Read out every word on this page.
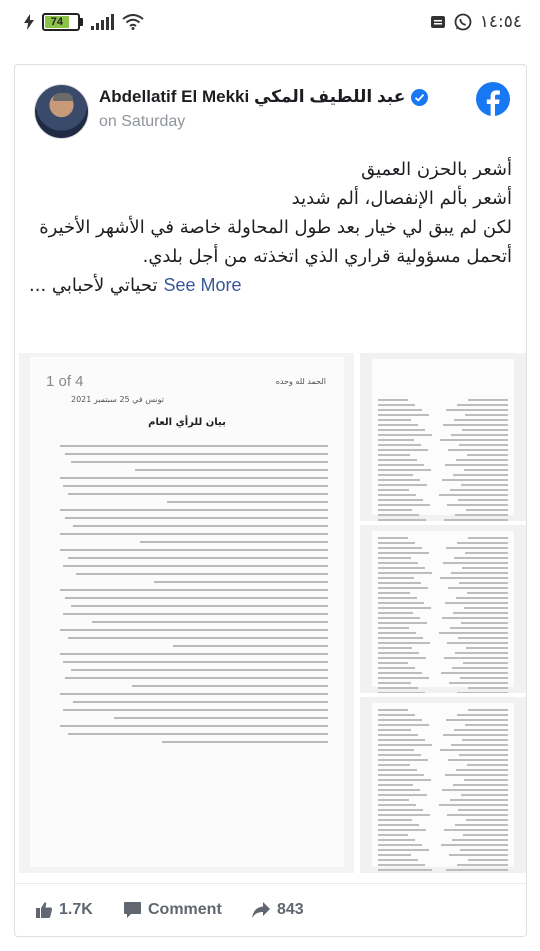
74	١٤:٥٤
Abdellatif El Mekki عبد اللطيف المكي
on Saturday
أشعر بالحزن العميق
أشعر بألم الإنفصال، ألم شديد
لكن لم يبق لي خيار بعد طول المحاولة خاصة في الأشهر الأخيرة
أتحمل مسؤولية قراري الذي اتخذته من أجل بلدي.
تحياتي لأحبابي ... See More
1 of 4	الحمد لله وحده
تونس في 25 سبتمبر 2021
بيان للرأي العام
1.7K	Comment	843
